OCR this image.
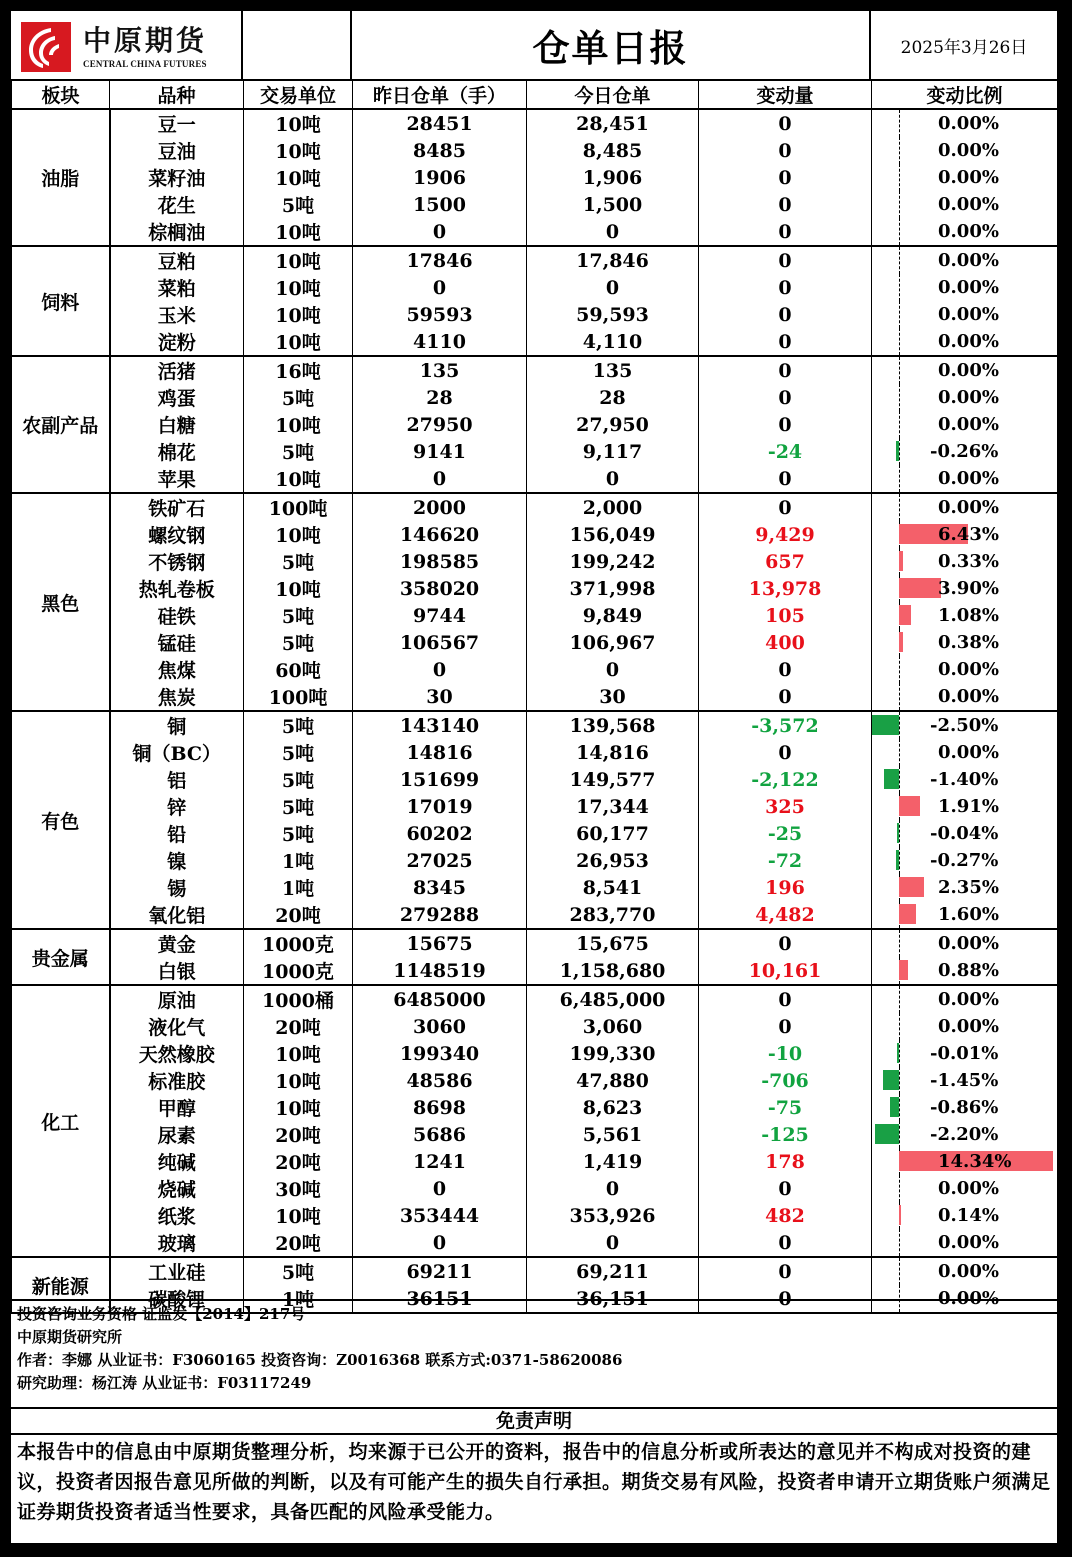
中原期货
CENTRAL CHINA FUTURES	仓单日报	2025年3月26日
板块	品种	交易单位	昨日仓单（手）	今日仓单	变动量	变动比例
油脂	豆一	10吨	28451	28,451	0	0.00%

	豆油	10吨	8485	8,485	0	0.00%

	菜籽油	10吨	1906	1,906	0	0.00%

	花生	5吨	1500	1,500	0	0.00%

	棕榈油	10吨	0	0	0	0.00%

饲料	豆粕	10吨	17846	17,846	0	0.00%

	菜粕	10吨	0	0	0	0.00%

	玉米	10吨	59593	59,593	0	0.00%

	淀粉	10吨	4110	4,110	0	0.00%

农副产品	活猪	16吨	135	135	0	0.00%

	鸡蛋	5吨	28	28	0	0.00%

	白糖	10吨	27950	27,950	0	0.00%

	棉花	5吨	9141	9,117	-24	-0.26%

	苹果	10吨	0	0	0	0.00%

黑色	铁矿石	100吨	2000	2,000	0	0.00%

	螺纹钢	10吨	146620	156,049	9,429	6.43%

	不锈钢	5吨	198585	199,242	657	0.33%

	热轧卷板	10吨	358020	371,998	13,978	3.90%

	硅铁	5吨	9744	9,849	105	1.08%

	锰硅	5吨	106567	106,967	400	0.38%

	焦煤	60吨	0	0	0	0.00%

	焦炭	100吨	30	30	0	0.00%

有色	铜	5吨	143140	139,568	-3,572	-2.50%

	铜（BC）	5吨	14816	14,816	0	0.00%

	铝	5吨	151699	149,577	-2,122	-1.40%

	锌	5吨	17019	17,344	325	1.91%

	铅	5吨	60202	60,177	-25	-0.04%

	镍	1吨	27025	26,953	-72	-0.27%

	锡	1吨	8345	8,541	196	2.35%

	氧化铝	20吨	279288	283,770	4,482	1.60%

贵金属	黄金	1000克	15675	15,675	0	0.00%

	白银	1000克	1148519	1,158,680	10,161	0.88%

化工	原油	1000桶	6485000	6,485,000	0	0.00%

	液化气	20吨	3060	3,060	0	0.00%

	天然橡胶	10吨	199340	199,330	-10	-0.01%

	标准胶	10吨	48586	47,880	-706	-1.45%

	甲醇	10吨	8698	8,623	-75	-0.86%

	尿素	20吨	5686	5,561	-125	-2.20%

	纯碱	20吨	1241	1,419	178	14.34%

	烧碱	30吨	0	0	0	0.00%

	纸浆	10吨	353444	353,926	482	0.14%

	玻璃	20吨	0	0	0	0.00%

新能源	工业硅	5吨	69211	69,211	0	0.00%

	碳酸锂	1吨	36151	36,151	0	0.00%
投资咨询业务资格 证监发【2014】217号
中原期货研究所
作者：李娜 从业证书：F3060165 投资咨询：Z0016368 联系方式:0371-58620086
研究助理：杨江涛 从业证书：F03117249
免责声明
本报告中的信息由中原期货整理分析，均来源于已公开的资料，报告中的信息分析或所表达的意见并不构成对投资的建议，投资者因报告意见所做的判断，以及有可能产生的损失自行承担。期货交易有风险，投资者申请开立期货账户须满足证券期货投资者适当性要求，具备匹配的风险承受能力。
